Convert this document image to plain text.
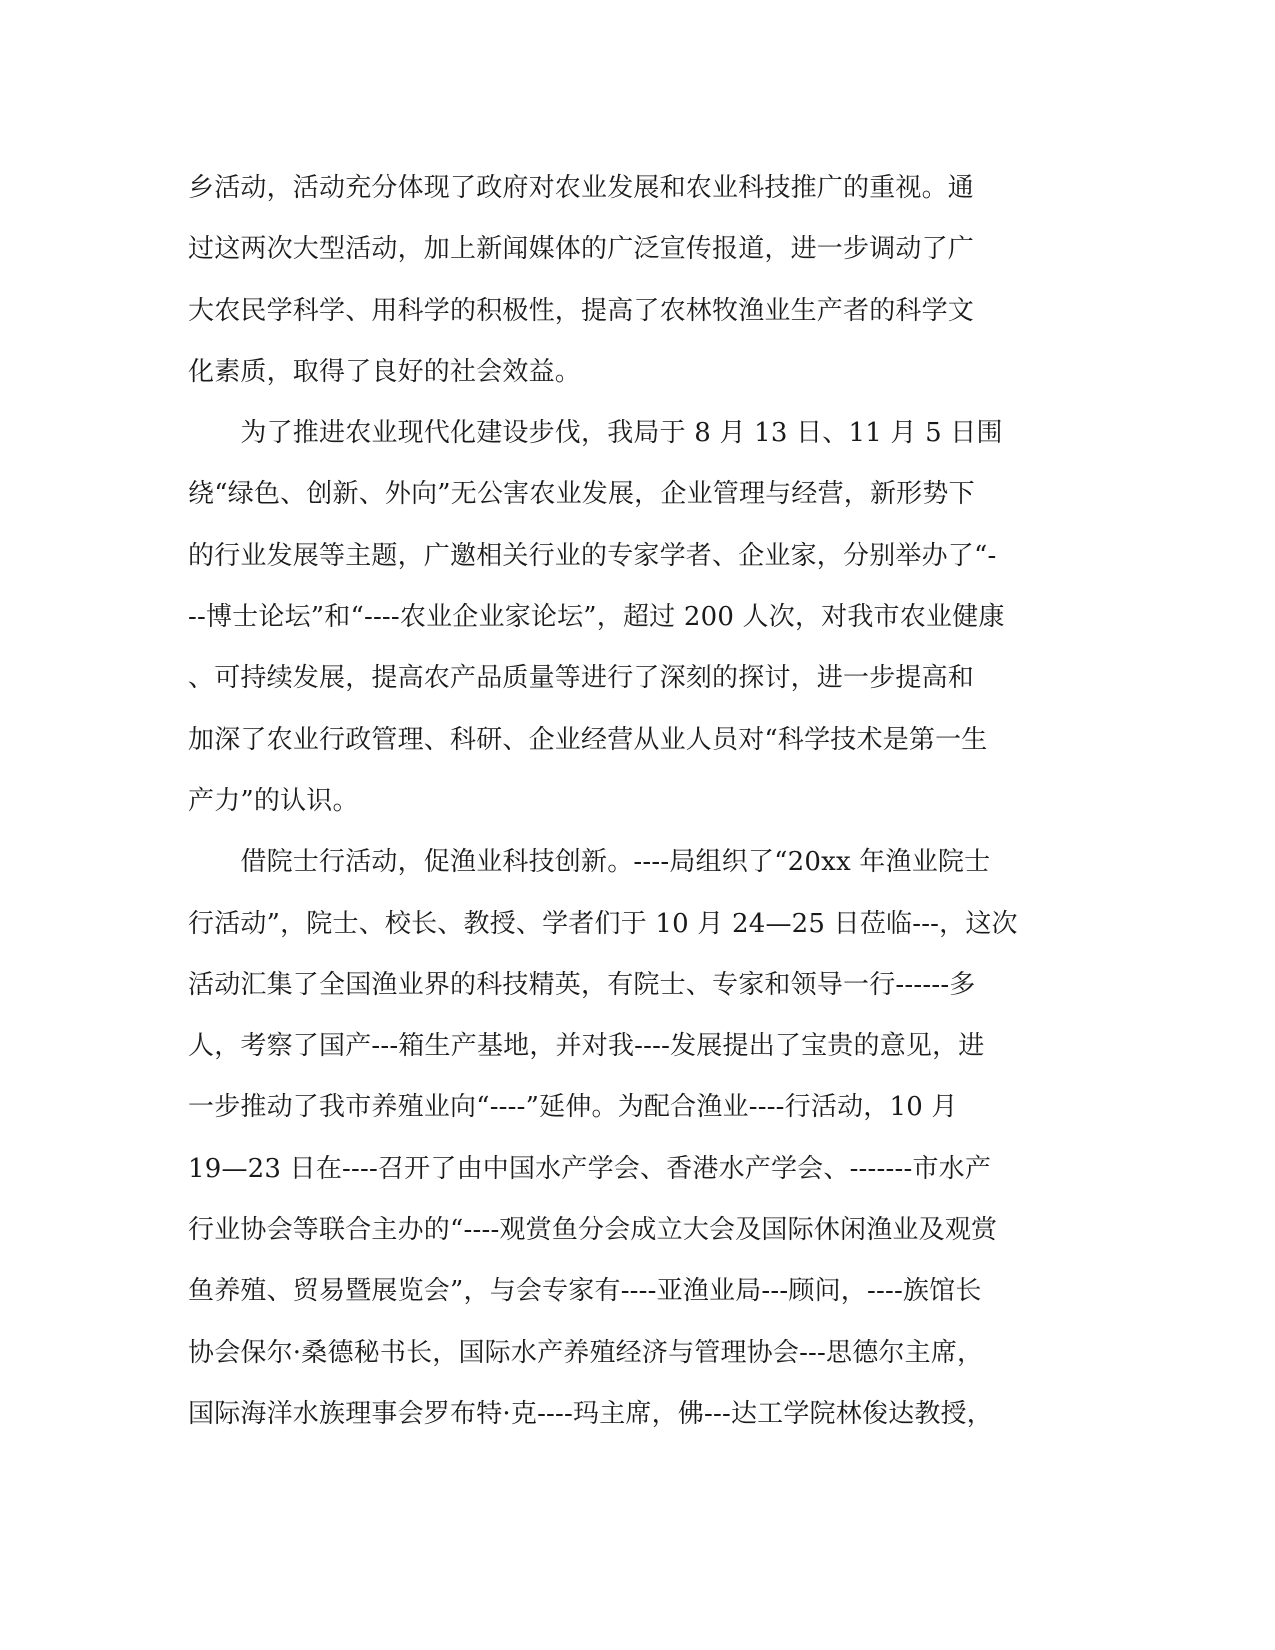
乡活动，活动充分体现了政府对农业发展和农业科技推广的重视。通
过这两次大型活动，加上新闻媒体的广泛宣传报道，进一步调动了广
大农民学科学、用科学的积极性，提高了农林牧渔业生产者的科学文
化素质，取得了良好的社会效益。
　　为了推进农业现代化建设步伐，我局于 8 月 13 日、11 月 5 日围
绕“绿色、创新、外向”无公害农业发展，企业管理与经营，新形势下
的行业发展等主题，广邀相关行业的专家学者、企业家，分别举办了“-
--博士论坛”和“----农业企业家论坛”，超过 200 人次，对我市农业健康
、可持续发展，提高农产品质量等进行了深刻的探讨，进一步提高和
加深了农业行政管理、科研、企业经营从业人员对“科学技术是第一生
产力”的认识。
　　借院士行活动，促渔业科技创新。----局组织了“20xx 年渔业院士
行活动”，院士、校长、教授、学者们于 10 月 24—25 日莅临---，这次
活动汇集了全国渔业界的科技精英，有院士、专家和领导一行------多
人，考察了国产---箱生产基地，并对我----发展提出了宝贵的意见，进
一步推动了我市养殖业向“----”延伸。为配合渔业----行活动，10 月
19—23 日在----召开了由中国水产学会、香港水产学会、-------市水产
行业协会等联合主办的“----观赏鱼分会成立大会及国际休闲渔业及观赏
鱼养殖、贸易暨展览会”，与会专家有----亚渔业局---顾问，----族馆长
协会保尔·桑德秘书长，国际水产养殖经济与管理协会---思德尔主席，
国际海洋水族理事会罗布特·克----玛主席，佛---达工学院林俊达教授，
